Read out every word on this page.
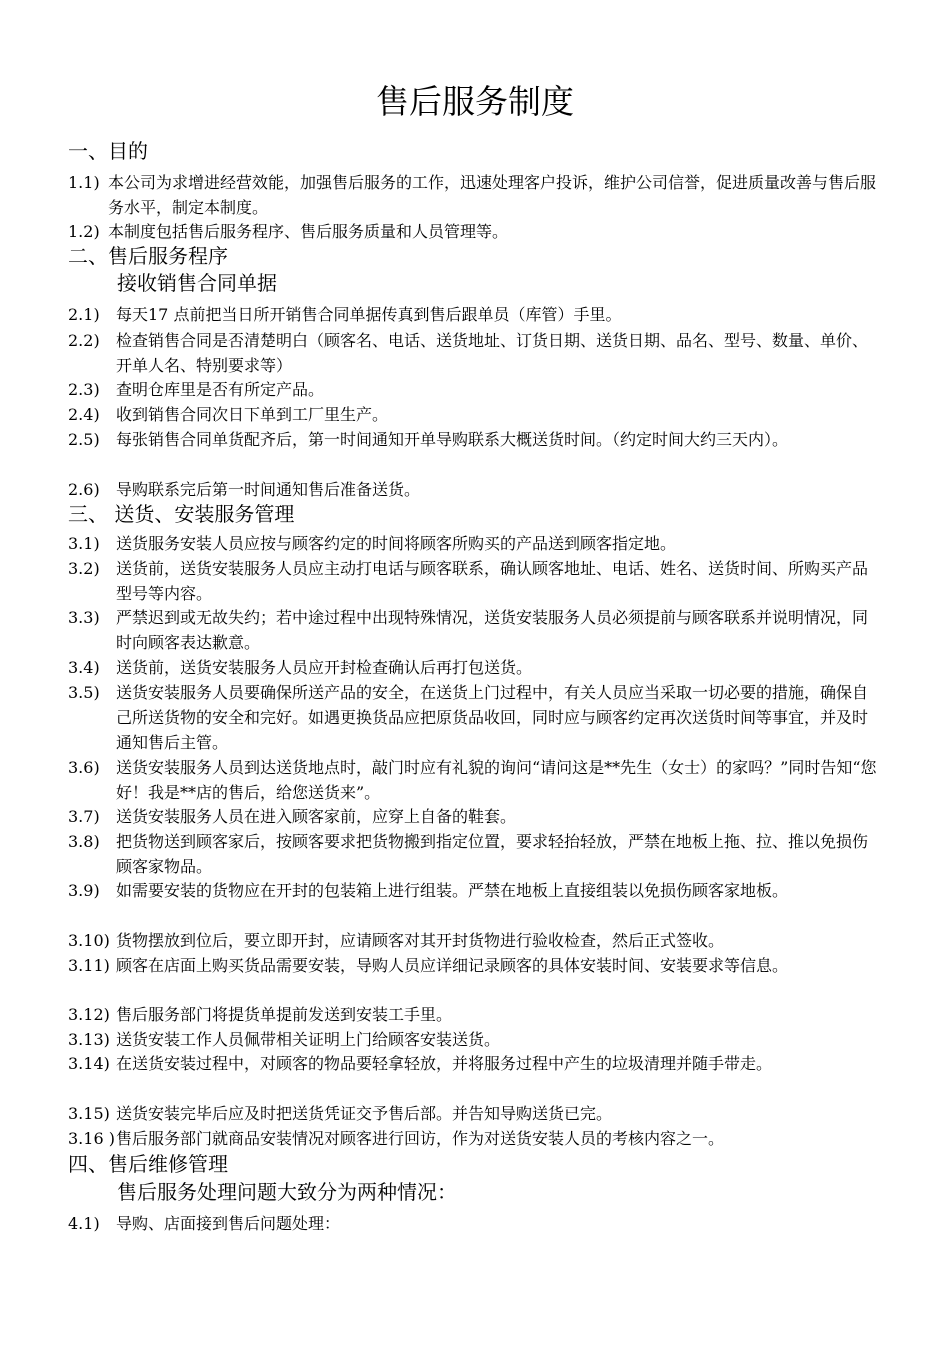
售后服务制度
一、目的
1.1) 本公司为求增进经营效能，加强售后服务的工作，迅速处理客户投诉，维护公司信誉，促进质量改善与售后服务水平，制定本制度。
1.2) 本制度包括售后服务程序、售后服务质量和人员管理等。
二、售后服务程序
接收销售合同单据
2.1) 每天17 点前把当日所开销售合同单据传真到售后跟单员（库管）手里。
2.2) 检查销售合同是否清楚明白（顾客名、电话、送货地址、订货日期、送货日期、品名、型号、数量、单价、开单人名、特别要求等）
2.3) 查明仓库里是否有所定产品。
2.4) 收到销售合同次日下单到工厂里生产。
2.5) 每张销售合同单货配齐后，第一时间通知开单导购联系大概送货时间。（约定时间大约三天内）。
2.6) 导购联系完后第一时间通知售后准备送货。
三、 送货、安装服务管理
3.1) 送货服务安装人员应按与顾客约定的时间将顾客所购买的产品送到顾客指定地。
3.2) 送货前，送货安装服务人员应主动打电话与顾客联系，确认顾客地址、电话、姓名、送货时间、所购买产品型号等内容。
3.3) 严禁迟到或无故失约；若中途过程中出现特殊情况，送货安装服务人员必须提前与顾客联系并说明情况，同时向顾客表达歉意。
3.4) 送货前，送货安装服务人员应开封检查确认后再打包送货。
3.5) 送货安装服务人员要确保所送产品的安全，在送货上门过程中，有关人员应当采取一切必要的措施，确保自己所送货物的安全和完好。如遇更换货品应把原货品收回，同时应与顾客约定再次送货时间等事宜，并及时通知售后主管。
3.6) 送货安装服务人员到达送货地点时，敲门时应有礼貌的询问“请问这是**先生（女士）的家吗？”同时告知“您好！我是**店的售后，给您送货来”。
3.7) 送货安装服务人员在进入顾客家前，应穿上自备的鞋套。
3.8) 把货物送到顾客家后，按顾客要求把货物搬到指定位置，要求轻抬轻放，严禁在地板上拖、拉、推以免损伤顾客家物品。
3.9) 如需要安装的货物应在开封的包装箱上进行组装。严禁在地板上直接组装以免损伤顾客家地板。
3.10) 货物摆放到位后，要立即开封，应请顾客对其开封货物进行验收检查，然后正式签收。
3.11) 顾客在店面上购买货品需要安装，导购人员应详细记录顾客的具体安装时间、安装要求等信息。
3.12) 售后服务部门将提货单提前发送到安装工手里。
3.13) 送货安装工作人员佩带相关证明上门给顾客安装送货。
3.14) 在送货安装过程中，对顾客的物品要轻拿轻放，并将服务过程中产生的垃圾清理并随手带走。
3.15) 送货安装完毕后应及时把送货凭证交予售后部。并告知导购送货已完。
3.16 ) 售后服务部门就商品安装情况对顾客进行回访，作为对送货安装人员的考核内容之一。
四、售后维修管理
售后服务处理问题大致分为两种情况：
4.1) 导购、店面接到售后问题处理：
